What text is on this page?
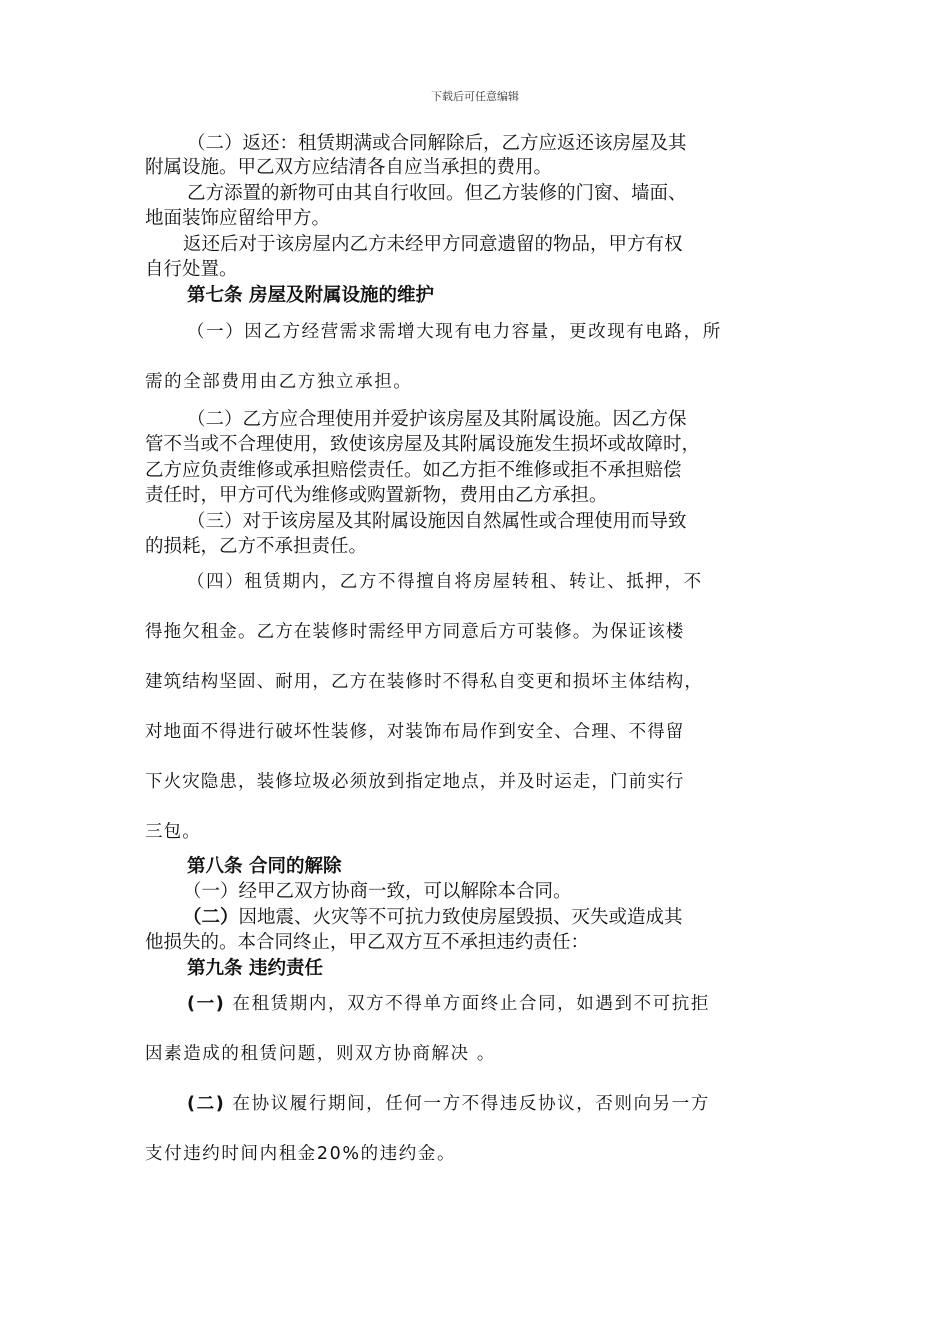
下载后可任意编辑
（二）返还：租赁期满或合同解除后，乙方应返还该房屋及其
附属设施。甲乙双方应结清各自应当承担的费用。
乙方添置的新物可由其自行收回。但乙方装修的门窗、墙面、
地面装饰应留给甲方。
返还后对于该房屋内乙方未经甲方同意遗留的物品，甲方有权
自行处置。
第七条 房屋及附属设施的维护
（一）因乙方经营需求需增大现有电力容量，更改现有电路，所
需的全部费用由乙方独立承担。
（二）乙方应合理使用并爱护该房屋及其附属设施。因乙方保
管不当或不合理使用，致使该房屋及其附属设施发生损坏或故障时，
乙方应负责维修或承担赔偿责任。如乙方拒不维修或拒不承担赔偿
责任时，甲方可代为维修或购置新物，费用由乙方承担。
（三）对于该房屋及其附属设施因自然属性或合理使用而导致
的损耗，乙方不承担责任。
（四）租赁期内，乙方不得擅自将房屋转租、转让、抵押，不
得拖欠租金。乙方在装修时需经甲方同意后方可装修。为保证该楼
建筑结构坚固、耐用，乙方在装修时不得私自变更和损坏主体结构，
对地面不得进行破坏性装修，对装饰布局作到安全、合理、不得留
下火灾隐患，装修垃圾必须放到指定地点，并及时运走，门前实行
三包。
第八条 合同的解除
（一）经甲乙双方协商一致，可以解除本合同。
（二）因地震、火灾等不可抗力致使房屋毁损、灭失或造成其
他损失的。本合同终止，甲乙双方互不承担违约责任：
第九条 违约责任
(一) 在租赁期内，双方不得单方面终止合同，如遇到不可抗拒
因素造成的租赁问题，则双方协商解决 。
(二) 在协议履行期间，任何一方不得违反协议，否则向另一方
支付违约时间内租金20%的违约金。
